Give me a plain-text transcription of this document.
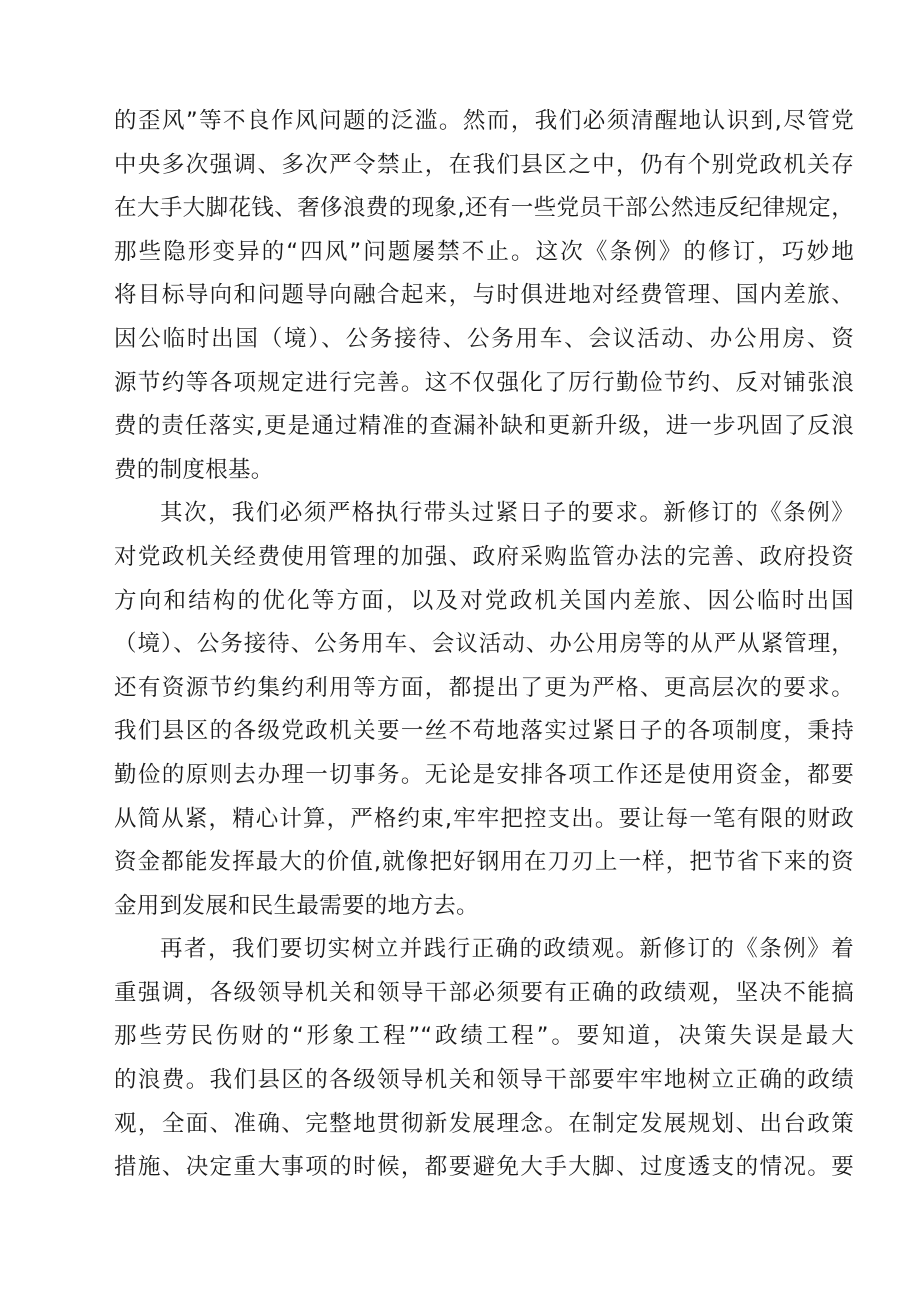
的歪风”等不良作风问题的泛滥。然而，我们必须清醒地认识到,尽管党
中央多次强调、多次严令禁止，在我们县区之中，仍有个别党政机关存
在大手大脚花钱、奢侈浪费的现象,还有一些党员干部公然违反纪律规定，
那些隐形变异的“四风”问题屡禁不止。这次《条例》的修订，巧妙地
将目标导向和问题导向融合起来，与时俱进地对经费管理、国内差旅、
因公临时出国（境）、公务接待、公务用车、会议活动、办公用房、资
源节约等各项规定进行完善。这不仅强化了厉行勤俭节约、反对铺张浪
费的责任落实,更是通过精准的查漏补缺和更新升级，进一步巩固了反浪
费的制度根基。
其次，我们必须严格执行带头过紧日子的要求。新修订的《条例》
对党政机关经费使用管理的加强、政府采购监管办法的完善、政府投资
方向和结构的优化等方面，以及对党政机关国内差旅、因公临时出国
（境）、公务接待、公务用车、会议活动、办公用房等的从严从紧管理，
还有资源节约集约利用等方面，都提出了更为严格、更高层次的要求。
我们县区的各级党政机关要一丝不苟地落实过紧日子的各项制度，秉持
勤俭的原则去办理一切事务。无论是安排各项工作还是使用资金，都要
从简从紧，精心计算，严格约束,牢牢把控支出。要让每一笔有限的财政
资金都能发挥最大的价值,就像把好钢用在刀刃上一样，把节省下来的资
金用到发展和民生最需要的地方去。
再者，我们要切实树立并践行正确的政绩观。新修订的《条例》着
重强调，各级领导机关和领导干部必须要有正确的政绩观，坚决不能搞
那些劳民伤财的“形象工程”“政绩工程”。要知道，决策失误是最大
的浪费。我们县区的各级领导机关和领导干部要牢牢地树立正确的政绩
观，全面、准确、完整地贯彻新发展理念。在制定发展规划、出台政策
措施、决定重大事项的时候，都要避免大手大脚、过度透支的情况。要
